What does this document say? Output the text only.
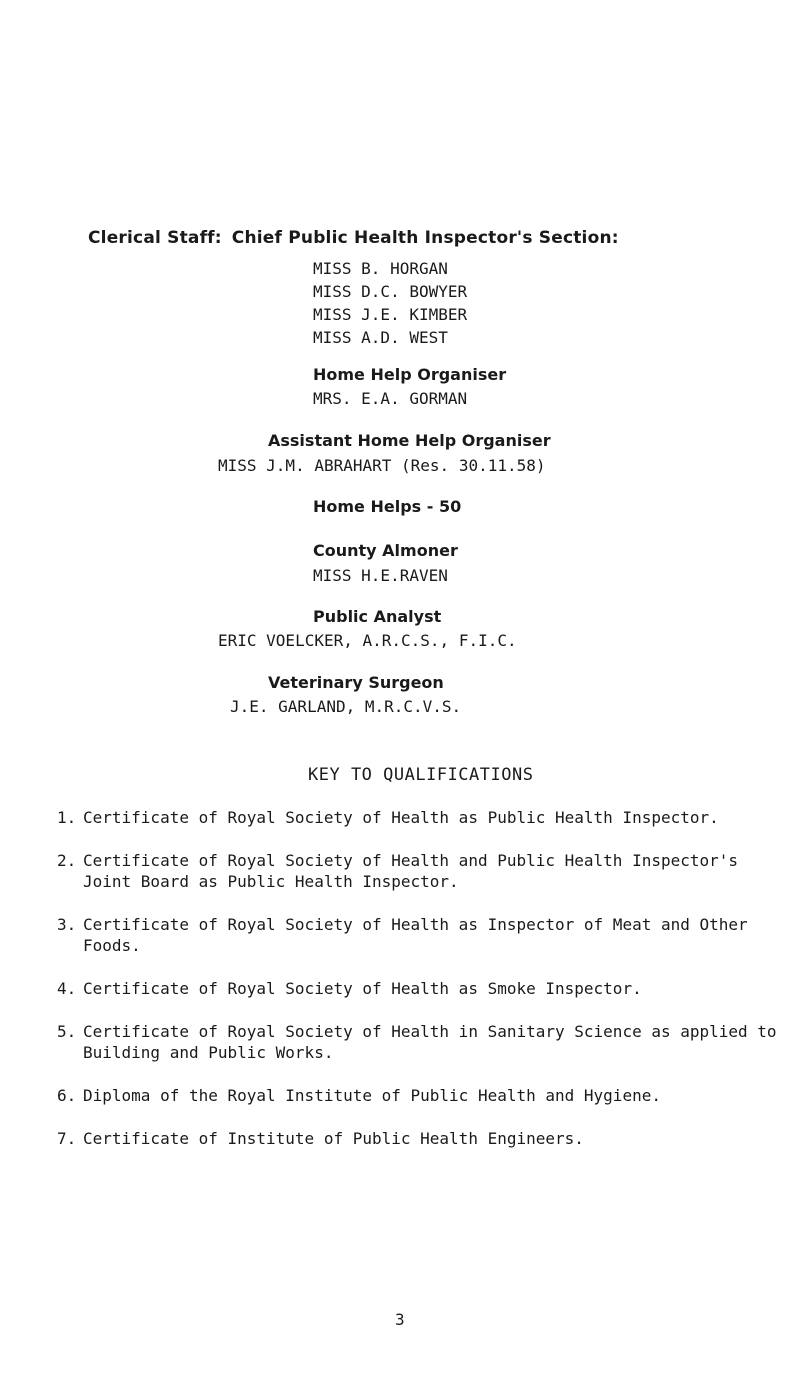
Clerical Staff: Chief Public Health Inspector's Section:
MISS B. HORGAN
MISS D.C. BOWYER
MISS J.E. KIMBER
MISS A.D. WEST
Home Help Organiser
MRS. E.A. GORMAN
Assistant Home Help Organiser
MISS J.M. ABRAHART (Res. 30.11.58)
Home Helps - 50
County Almoner
MISS H.E.RAVEN
Public Analyst
ERIC VOELCKER, A.R.C.S., F.I.C.
Veterinary Surgeon
J.E. GARLAND, M.R.C.V.S.
KEY TO QUALIFICATIONS
1. Certificate of Royal Society of Health as Public Health Inspector.
2. Certificate of Royal Society of Health and Public Health Inspector's Joint Board as Public Health Inspector.
3. Certificate of Royal Society of Health as Inspector of Meat and Other Foods.
4. Certificate of Royal Society of Health as Smoke Inspector.
5. Certificate of Royal Society of Health in Sanitary Science as applied to Building and Public Works.
6. Diploma of the Royal Institute of Public Health and Hygiene.
7. Certificate of Institute of Public Health Engineers.
3
